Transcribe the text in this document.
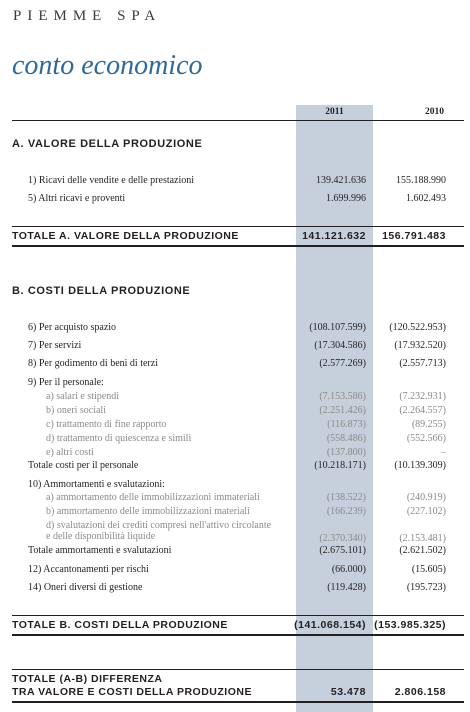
PIEMME SPA
conto economico
2011	2010
A. VALORE DELLA PRODUZIONE
1) Ricavi delle vendite e delle prestazioni	139.421.636	155.188.990
5) Altri ricavi e proventi	1.699.996	1.602.493
TOTALE A. VALORE DELLA PRODUZIONE	141.121.632 156.791.483
B. COSTI DELLA PRODUZIONE
6) Per acquisto spazio	(108.107.599) (120.522.953)
7) Per servizi	(17.304.586)	(17.932.520)
8) Per godimento di beni di terzi	(2.577.269)	(2.557.713)
9) Per il personale:
a) salari e stipendi	(7.153.586)	(7.232.931)
b) oneri sociali	(2.251.426)	(2.264.557)
c) trattamento di fine rapporto	(116.873)	(89.255)
d) trattamento di quiescenza e simili	(558.486)	(552.566)
e) altri costi	(137.800)	–
Totale costi per il personale	(10.218.171)	(10.139.309)
10) Ammortamenti e svalutazioni:
a) ammortamento delle immobilizzazioni immateriali	(138.522)	(240.919)
b) ammortamento delle immobilizzazioni materiali	(166.239)	(227.102)
d) svalutazioni dei crediti compresi nell'attivo circolante e delle disponibilità liquide	(2.370.340)	(2.153.481)
Totale ammortamenti e svalutazioni	(2.675.101)	(2.621.502)
12) Accantonamenti per rischi	(66.000)	(15.605)
14) Oneri diversi di gestione	(119.428)	(195.723)
TOTALE B. COSTI DELLA PRODUZIONE	(141.068.154) (153.985.325)
TOTALE (A-B) DIFFERENZA
TRA VALORE E COSTI DELLA PRODUZIONE	53.478	2.806.158
